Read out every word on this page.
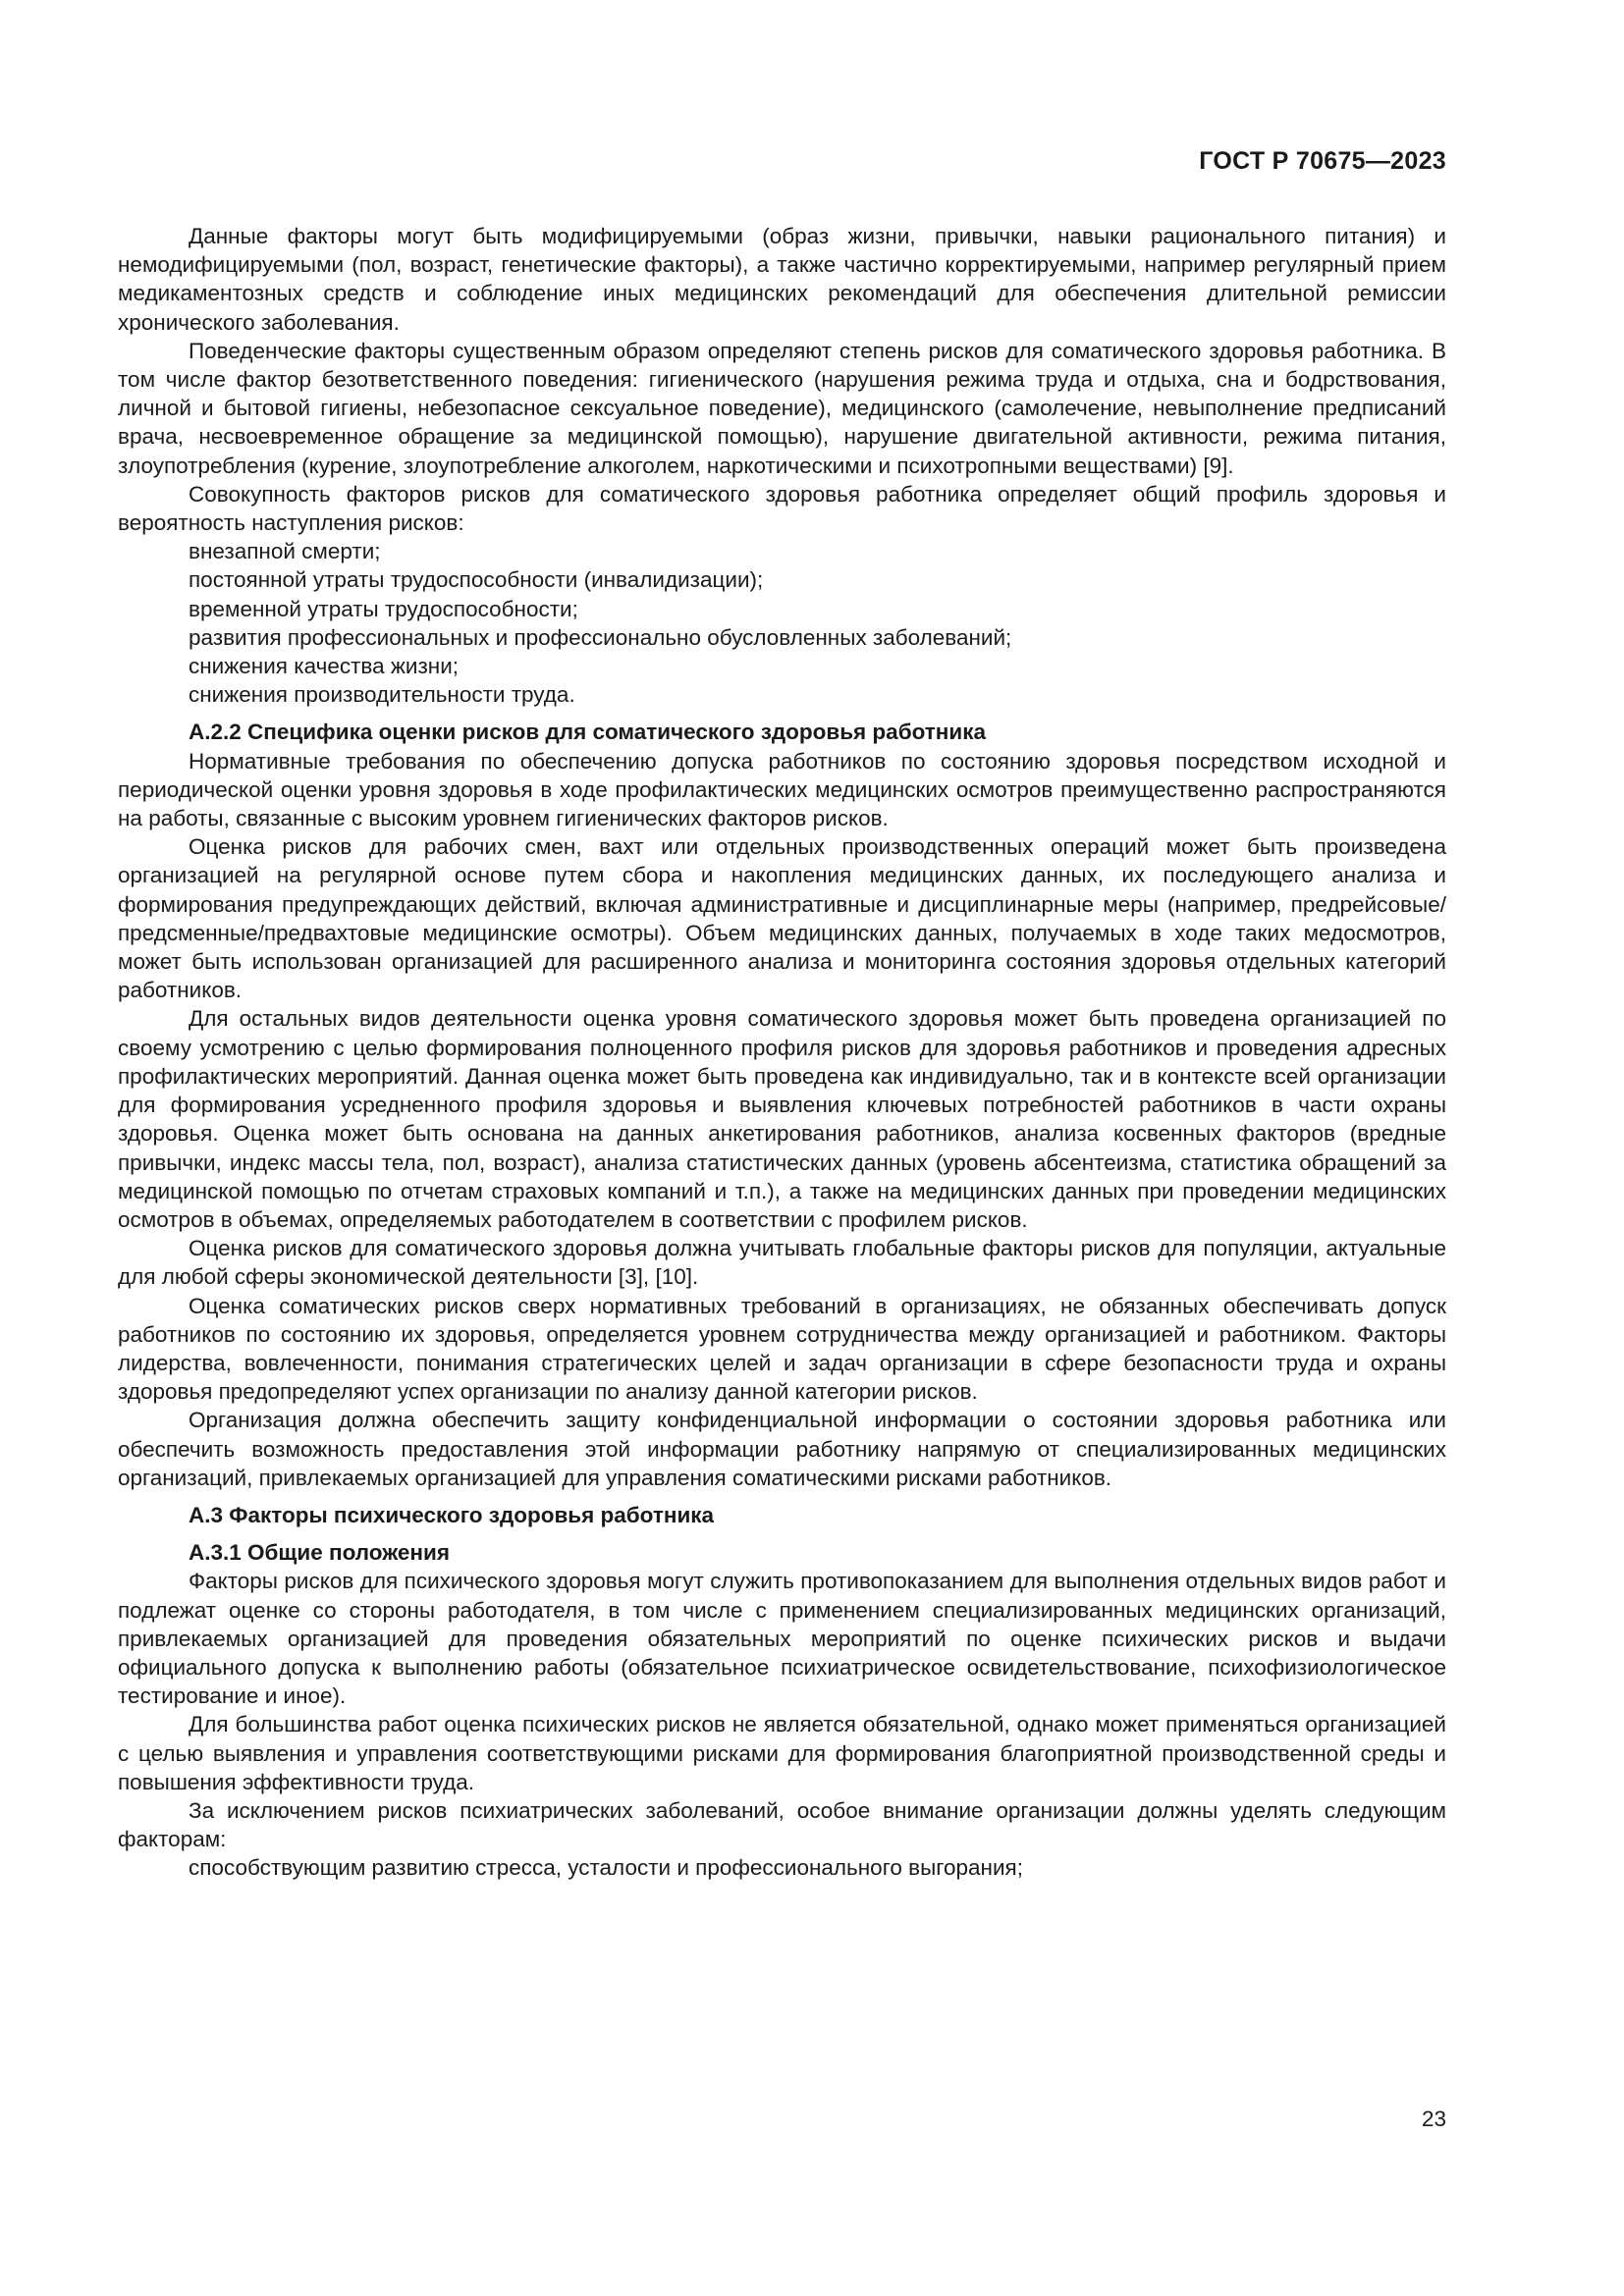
ГОСТ Р 70675—2023

Данные факторы могут быть модифицируемыми (образ жизни, привычки, навыки рационального питания) и немодифицируемыми (пол, возраст, генетические факторы), а также частично корректируемыми, например регулярный прием медикаментозных средств и соблюдение иных медицинских рекомендаций для обеспечения длительной ремиссии хронического заболевания.

Поведенческие факторы существенным образом определяют степень рисков для соматического здоровья работника. В том числе фактор безответственного поведения: гигиенического (нарушения режима труда и отдыха, сна и бодрствования, личной и бытовой гигиены, небезопасное сексуальное поведение), медицинского (самолечение, невыполнение предписаний врача, несвоевременное обращение за медицинской помощью), нарушение двигательной активности, режима питания, злоупотребления (курение, злоупотребление алкоголем, наркотическими и психотропными веществами) [9].

Совокупность факторов рисков для соматического здоровья работника определяет общий профиль здоровья и вероятность наступления рисков:

внезапной смерти;

постоянной утраты трудоспособности (инвалидизации);

временной утраты трудоспособности;

развития профессиональных и профессионально обусловленных заболеваний;

снижения качества жизни;

снижения производительности труда.

А.2.2 Специфика оценки рисков для соматического здоровья работника

Нормативные требования по обеспечению допуска работников по состоянию здоровья посредством исходной и периодической оценки уровня здоровья в ходе профилактических медицинских осмотров преимущественно распространяются на работы, связанные с высоким уровнем гигиенических факторов рисков.

Оценка рисков для рабочих смен, вахт или отдельных производственных операций может быть произведена организацией на регулярной основе путем сбора и накопления медицинских данных, их последующего анализа и формирования предупреждающих действий, включая административные и дисциплинарные меры (например, предрейсовые/предсменные/предвахтовые медицинские осмотры). Объем медицинских данных, получаемых в ходе таких медосмотров, может быть использован организацией для расширенного анализа и мониторинга состояния здоровья отдельных категорий работников.

Для остальных видов деятельности оценка уровня соматического здоровья может быть проведена организацией по своему усмотрению с целью формирования полноценного профиля рисков для здоровья работников и проведения адресных профилактических мероприятий. Данная оценка может быть проведена как индивидуально, так и в контексте всей организации для формирования усредненного профиля здоровья и выявления ключевых потребностей работников в части охраны здоровья. Оценка может быть основана на данных анкетирования работников, анализа косвенных факторов (вредные привычки, индекс массы тела, пол, возраст), анализа статистических данных (уровень абсентеизма, статистика обращений за медицинской помощью по отчетам страховых компаний и т.п.), а также на медицинских данных при проведении медицинских осмотров в объемах, определяемых работодателем в соответствии с профилем рисков.

Оценка рисков для соматического здоровья должна учитывать глобальные факторы рисков для популяции, актуальные для любой сферы экономической деятельности [3], [10].

Оценка соматических рисков сверх нормативных требований в организациях, не обязанных обеспечивать допуск работников по состоянию их здоровья, определяется уровнем сотрудничества между организацией и работником. Факторы лидерства, вовлеченности, понимания стратегических целей и задач организации в сфере безопасности труда и охраны здоровья предопределяют успех организации по анализу данной категории рисков.

Организация должна обеспечить защиту конфиденциальной информации о состоянии здоровья работника или обеспечить возможность предоставления этой информации работнику напрямую от специализированных медицинских организаций, привлекаемых организацией для управления соматическими рисками работников.

А.3 Факторы психического здоровья работника
А.3.1 Общие положения

Факторы рисков для психического здоровья могут служить противопоказанием для выполнения отдельных видов работ и подлежат оценке со стороны работодателя, в том числе с применением специализированных медицинских организаций, привлекаемых организацией для проведения обязательных мероприятий по оценке психических рисков и выдачи официального допуска к выполнению работы (обязательное психиатрическое освидетельствование, психофизиологическое тестирование и иное).

Для большинства работ оценка психических рисков не является обязательной, однако может применяться организацией с целью выявления и управления соответствующими рисками для формирования благоприятной производственной среды и повышения эффективности труда.

За исключением рисков психиатрических заболеваний, особое внимание организации должны уделять следующим факторам:

способствующим развитию стресса, усталости и профессионального выгорания;

23
